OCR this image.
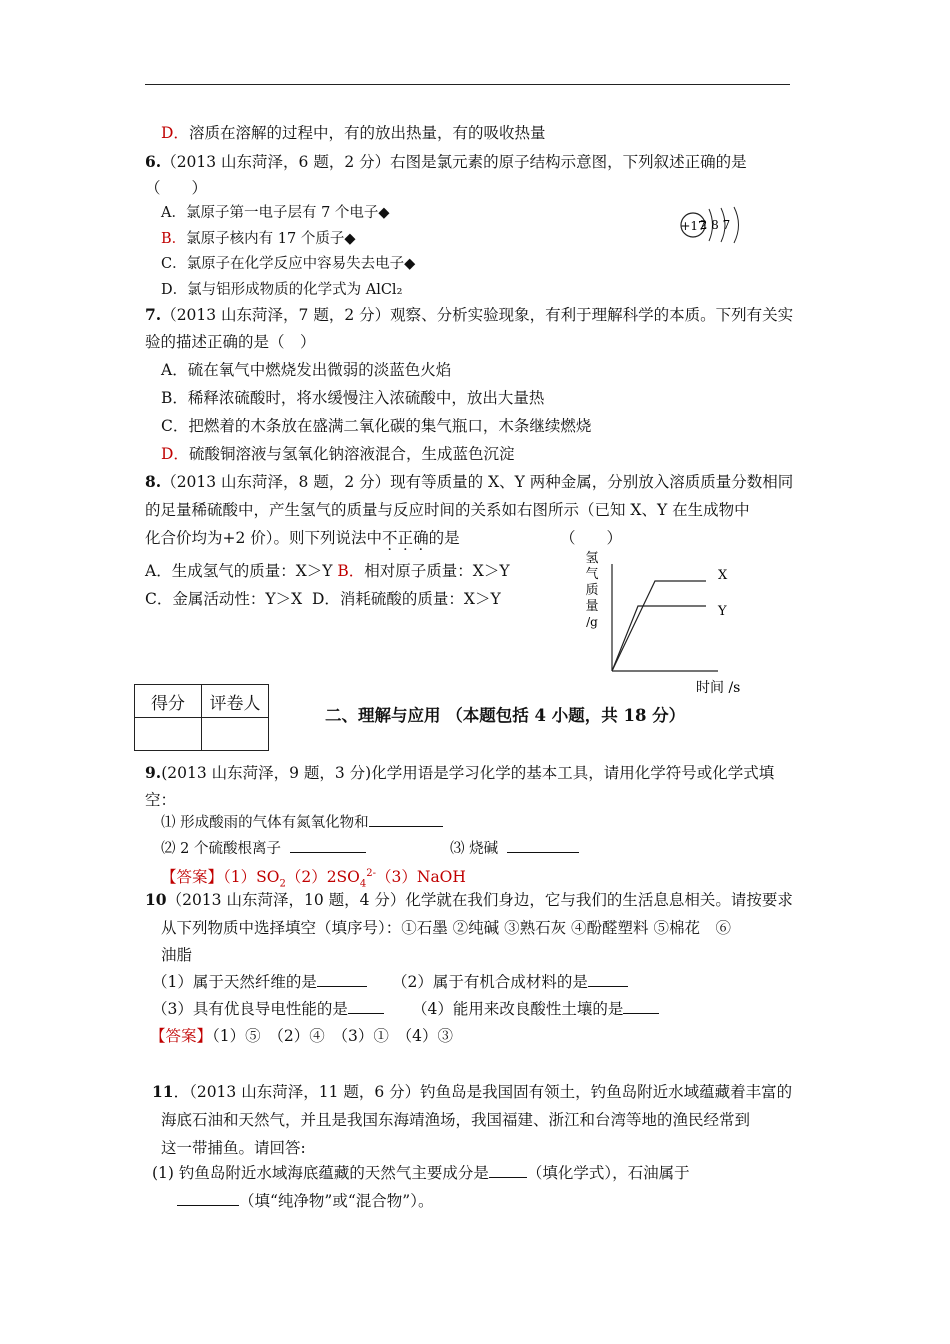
D．溶质在溶解的过程中，有的放出热量，有的吸收热量
6.（2013 山东菏泽，6 题，2 分）右图是氯元素的原子结构示意图，下列叙述正确的是
（　　）
A．氯原子第一电子层有 7 个电子◆
B．氯原子核内有 17 个质子◆
C．氯原子在化学反应中容易失去电子◆
D．氯与铝形成物质的化学式为 AlCl₂
+17
2 8 7
7.（2013 山东菏泽，7 题，2 分）观察、分析实验现象，有利于理解科学的本质。下列有关实
验的描述正确的是（　）
A．硫在氧气中燃烧发出微弱的淡蓝色火焰
B．稀释浓硫酸时，将水缓慢注入浓硫酸中，放出大量热
C．把燃着的木条放在盛满二氧化碳的集气瓶口，木条继续燃烧
D．硫酸铜溶液与氢氧化钠溶液混合，生成蓝色沉淀
8.（2013 山东菏泽，8 题，2 分）现有等质量的 X、Y 两种金属，分别放入溶质质量分数相同
的足量稀硫酸中，产生氢气的质量与反应时间的关系如右图所示（已知 X、Y 在生成物中
化合价均为+2 价）。则下列说法中不正确的是	（　　）
A．生成氢气的质量：X＞Y B．相对原子质量：X＞Y
C．金属活动性：Y＞X D．消耗硫酸的质量：X＞Y
氢
气
质
量
/g
X
Y
时间 /s
得分	评卷人

二、理解与应用 （本题包括 4 小题，共 18 分）
9.(2013 山东菏泽，9 题，3 分)化学用语是学习化学的基本工具，请用化学符号或化学式填
空：
⑴ 形成酸雨的气体有氮氧化物和
⑵ 2 个硫酸根离子	⑶ 烧碱
【答案】$(1)SO_2(2)2SO_4^{2-}(3)NaOH$
10（2013 山东菏泽，10 题，4 分）化学就在我们身边，它与我们的生活息息相关。请按要求
从下列物质中选择填空（填序号）：①石墨 ②纯碱 ③熟石灰 ④酚醛塑料 ⑤棉花　⑥
油脂
（1）属于天然纤维的是	（2）属于有机合成材料的是
（3）具有优良导电性能的是	（4）能用来改良酸性土壤的是
【答案】（1）⑤　（2）④　（3）①　（4）③
11．（2013 山东菏泽，11 题，6 分）钓鱼岛是我国固有领土，钓鱼岛附近水域蕴藏着丰富的
海底石油和天然气，并且是我国东海靖渔场，我国福建、浙江和台湾等地的渔民经常到
这一带捕鱼。请回答:
(1) 钓鱼岛附近水域海底蕴藏的天然气主要成分是 （填化学式），石油属于
（填“纯净物”或“混合物”）。
